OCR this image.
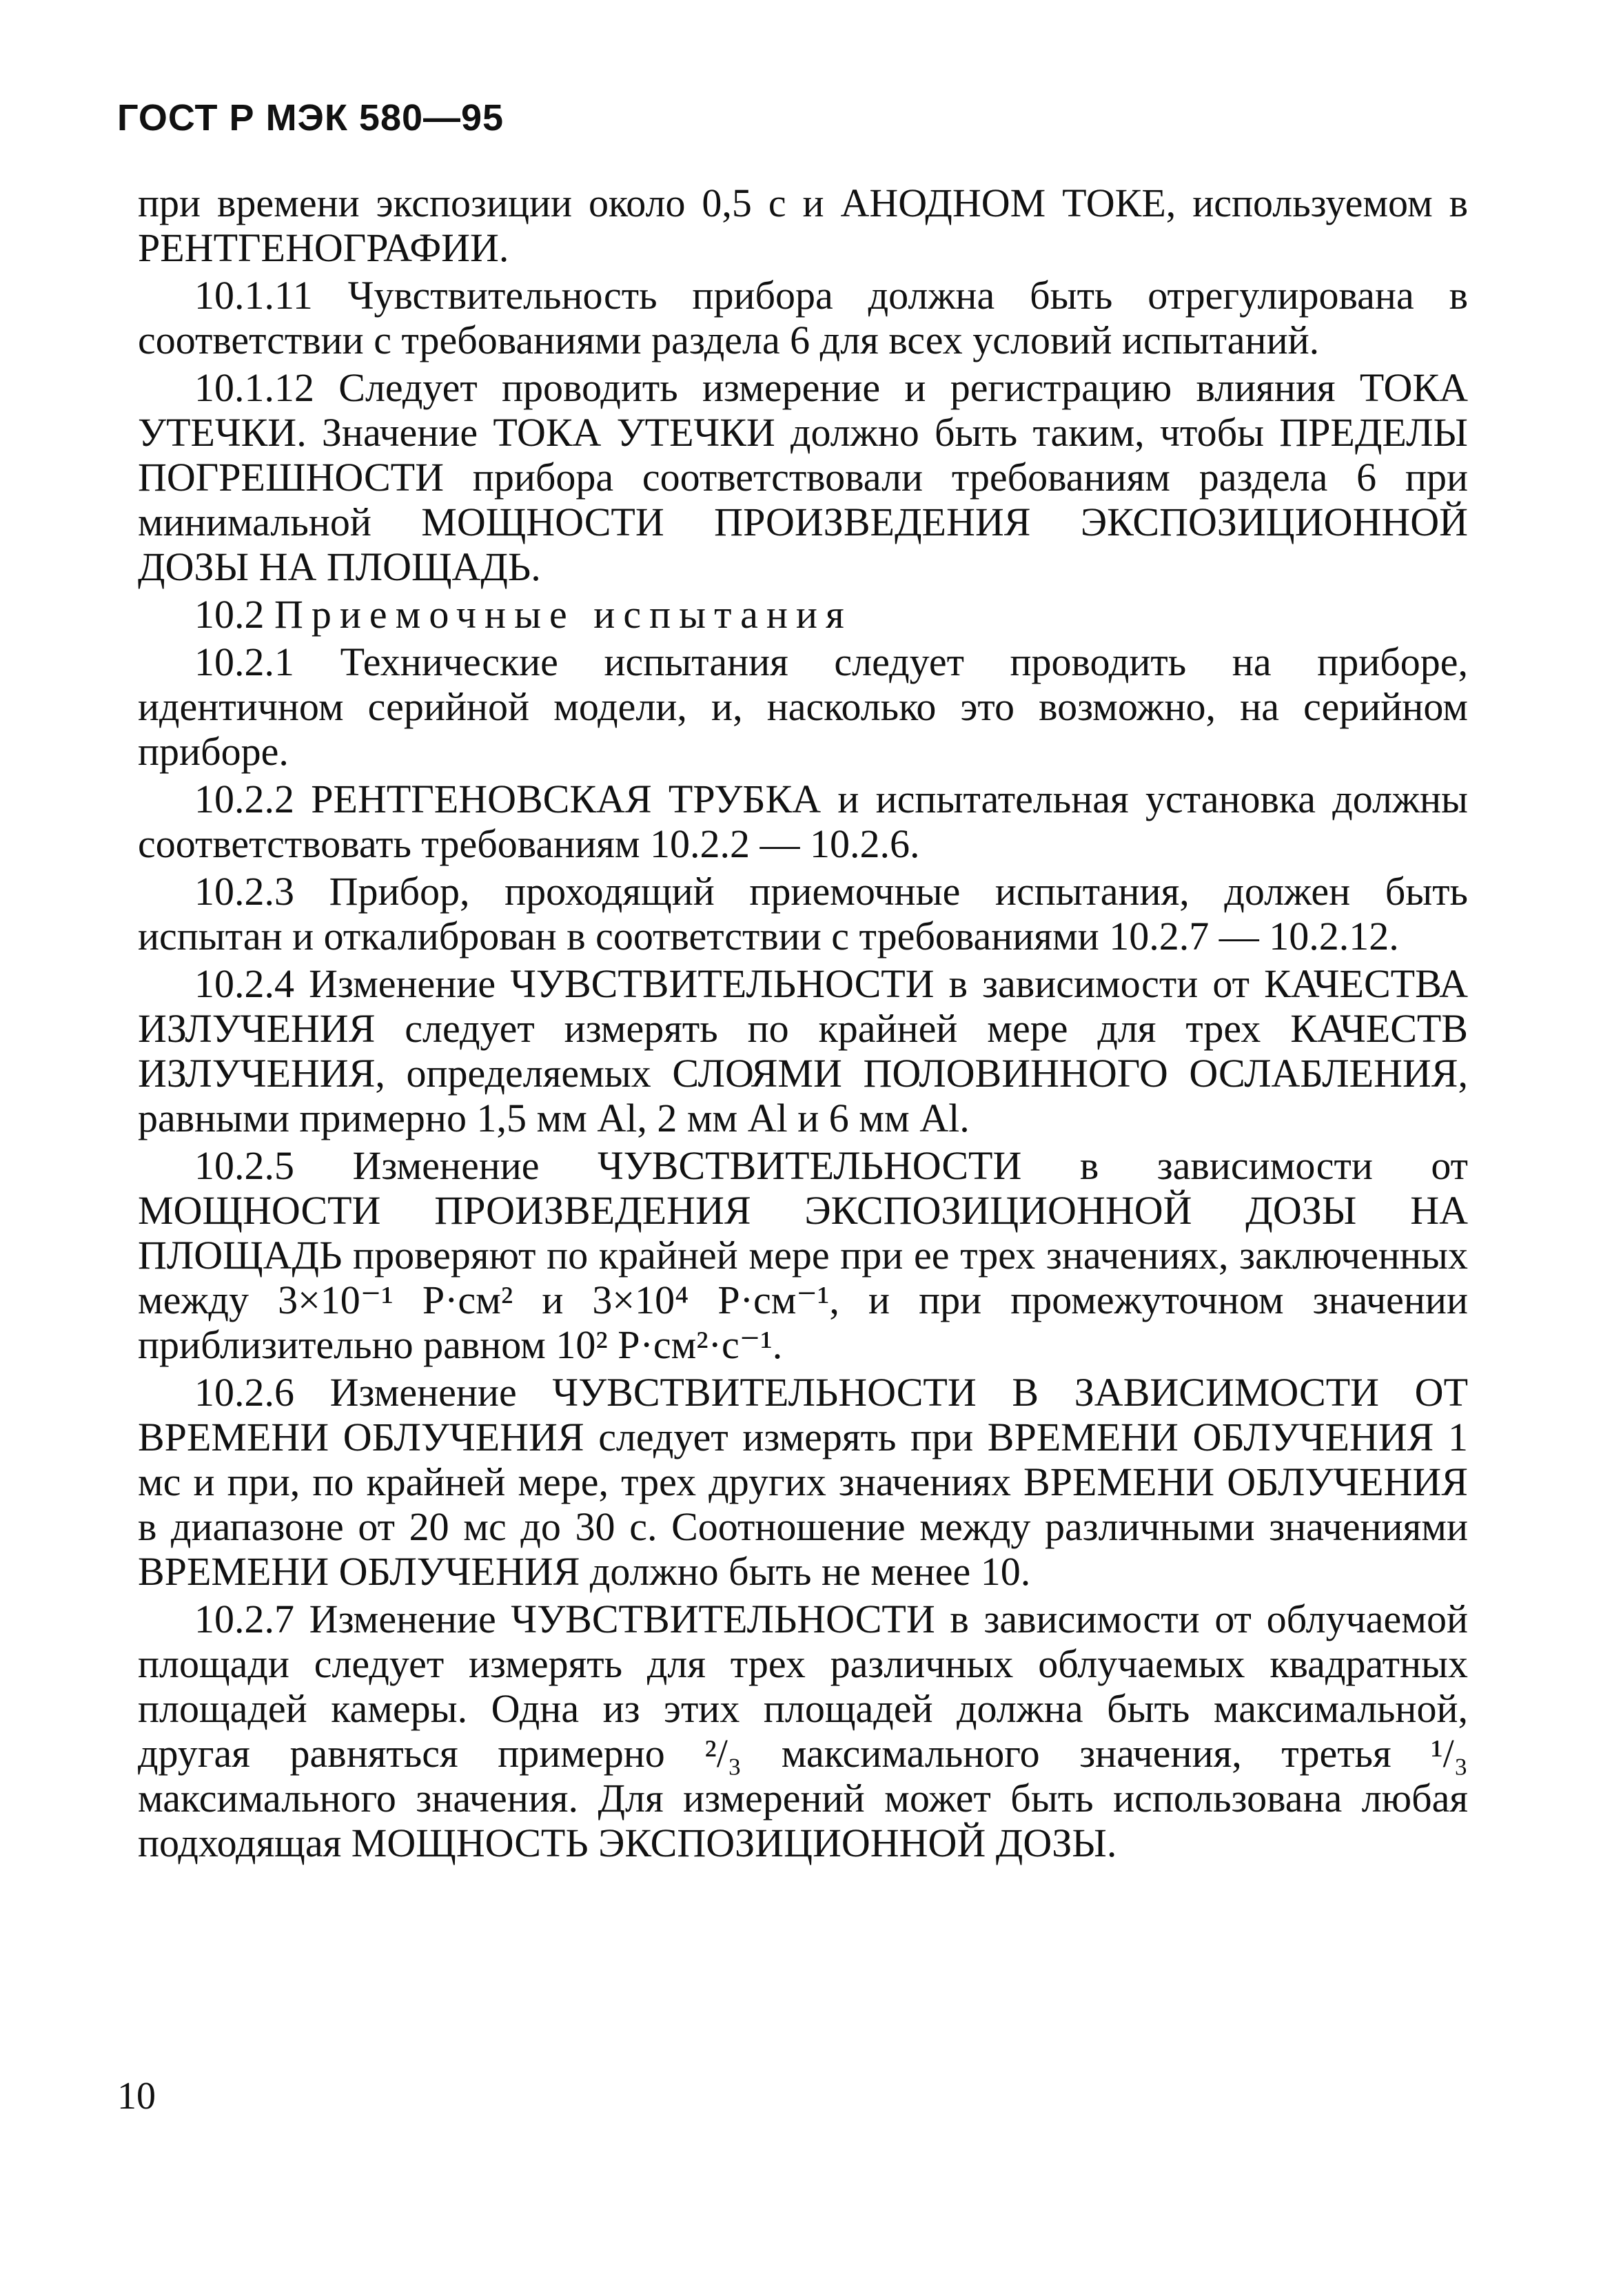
ГОСТ Р МЭК 580—95

при времени экспозиции около 0,5 с и АНОДНОМ ТОКЕ, используемом в РЕНТГЕНОГРАФИИ.

10.1.11 Чувствительность прибора должна быть отрегулирована в соответствии с требованиями раздела 6 для всех условий испытаний.

10.1.12 Следует проводить измерение и регистрацию влияния ТОКА УТЕЧКИ. Значение ТОКА УТЕЧКИ должно быть таким, чтобы ПРЕДЕЛЫ ПОГРЕШНОСТИ прибора соответствовали требованиям раздела 6 при минимальной МОЩНОСТИ ПРОИЗВЕДЕНИЯ ЭКСПОЗИЦИОННОЙ ДОЗЫ НА ПЛОЩАДЬ.

10.2 Приемочные испытания

10.2.1 Технические испытания следует проводить на приборе, идентичном серийной модели, и, насколько это возможно, на серийном приборе.

10.2.2 РЕНТГЕНОВСКАЯ ТРУБКА и испытательная установка должны соответствовать требованиям 10.2.2 — 10.2.6.

10.2.3 Прибор, проходящий приемочные испытания, должен быть испытан и откалиброван в соответствии с требованиями 10.2.7 — 10.2.12.

10.2.4 Изменение ЧУВСТВИТЕЛЬНОСТИ в зависимости от КАЧЕСТВА ИЗЛУЧЕНИЯ следует измерять по крайней мере для трех КАЧЕСТВ ИЗЛУЧЕНИЯ, определяемых СЛОЯМИ ПОЛОВИННОГО ОСЛАБЛЕНИЯ, равными примерно 1,5 мм Al, 2 мм Al и 6 мм Al.

10.2.5 Изменение ЧУВСТВИТЕЛЬНОСТИ в зависимости от МОЩНОСТИ ПРОИЗВЕДЕНИЯ ЭКСПОЗИЦИОННОЙ ДОЗЫ НА ПЛОЩАДЬ проверяют по крайней мере при ее трех значениях, заключенных между 3×10⁻¹ Р·см² и 3×10⁴ Р·см⁻¹, и при промежуточном значении приблизительно равном 10² Р·см²·с⁻¹.

10.2.6 Изменение ЧУВСТВИТЕЛЬНОСТИ В ЗАВИСИМОСТИ ОТ ВРЕМЕНИ ОБЛУЧЕНИЯ следует измерять при ВРЕМЕНИ ОБЛУЧЕНИЯ 1 мс и при, по крайней мере, трех других значениях ВРЕМЕНИ ОБЛУЧЕНИЯ в диапазоне от 20 мс до 30 с. Соотношение между различными значениями ВРЕМЕНИ ОБЛУЧЕНИЯ должно быть не менее 10.

10.2.7 Изменение ЧУВСТВИТЕЛЬНОСТИ в зависимости от облучаемой площади следует измерять для трех различных облучаемых квадратных площадей камеры. Одна из этих площадей должна быть максимальной, другая равняться примерно ²/₃ максимального значения, третья ¹/₃ максимального значения. Для измерений может быть использована любая подходящая МОЩНОСТЬ ЭКСПОЗИЦИОННОЙ ДОЗЫ.

10
